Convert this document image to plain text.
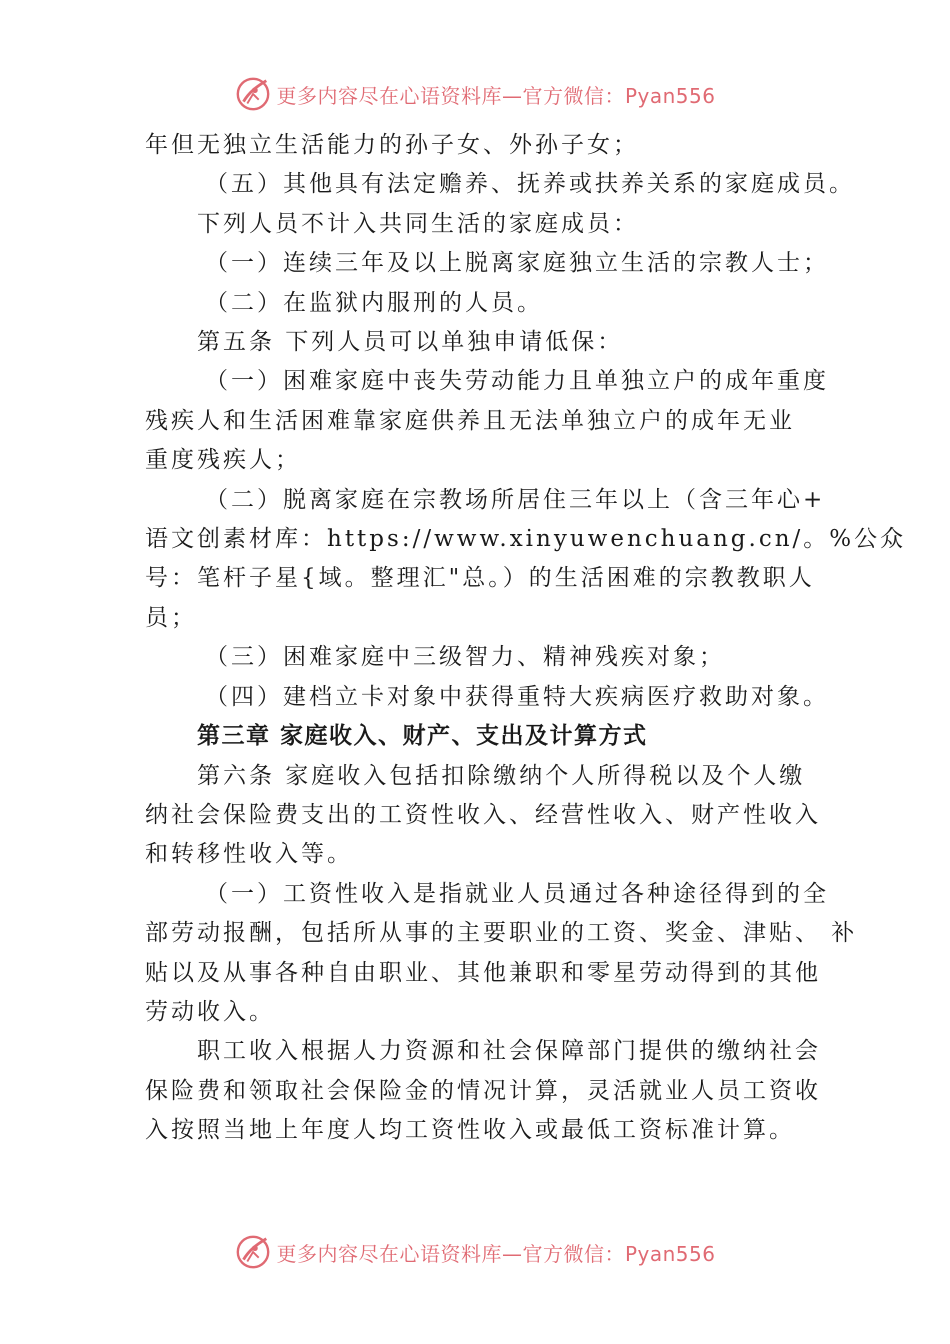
更多内容尽在心语资料库—官方微信：Pyan556

年但无独立生活能力的孙子女、外孙子女；

（五）其他具有法定赡养、抚养或扶养关系的家庭成员。

下列人员不计入共同生活的家庭成员：

（一）连续三年及以上脱离家庭独立生活的宗教人士；

（二）在监狱内服刑的人员。

第五条 下列人员可以单独申请低保：

（一）困难家庭中丧失劳动能力且单独立户的成年重度

残疾人和生活困难靠家庭供养且无法单独立户的成年无业

重度残疾人；

（二）脱离家庭在宗教场所居住三年以上（含三年心+

语文创素材库：https://www.xinyuwenchuang.cn/。%公众

号：笔杆子星{域。整理汇"总。）的生活困难的宗教教职人

员；

（三）困难家庭中三级智力、精神残疾对象；

（四）建档立卡对象中获得重特大疾病医疗救助对象。

第三章 家庭收入、财产、支出及计算方式

第六条 家庭收入包括扣除缴纳个人所得税以及个人缴

纳社会保险费支出的工资性收入、经营性收入、财产性收入

和转移性收入等。

（一）工资性收入是指就业人员通过各种途径得到的全

部劳动报酬，包括所从事的主要职业的工资、奖金、津贴、 补

贴以及从事各种自由职业、其他兼职和零星劳动得到的其他

劳动收入。

职工收入根据人力资源和社会保障部门提供的缴纳社会

保险费和领取社会保险金的情况计算，灵活就业人员工资收

入按照当地上年度人均工资性收入或最低工资标准计算。

更多内容尽在心语资料库—官方微信：Pyan556
